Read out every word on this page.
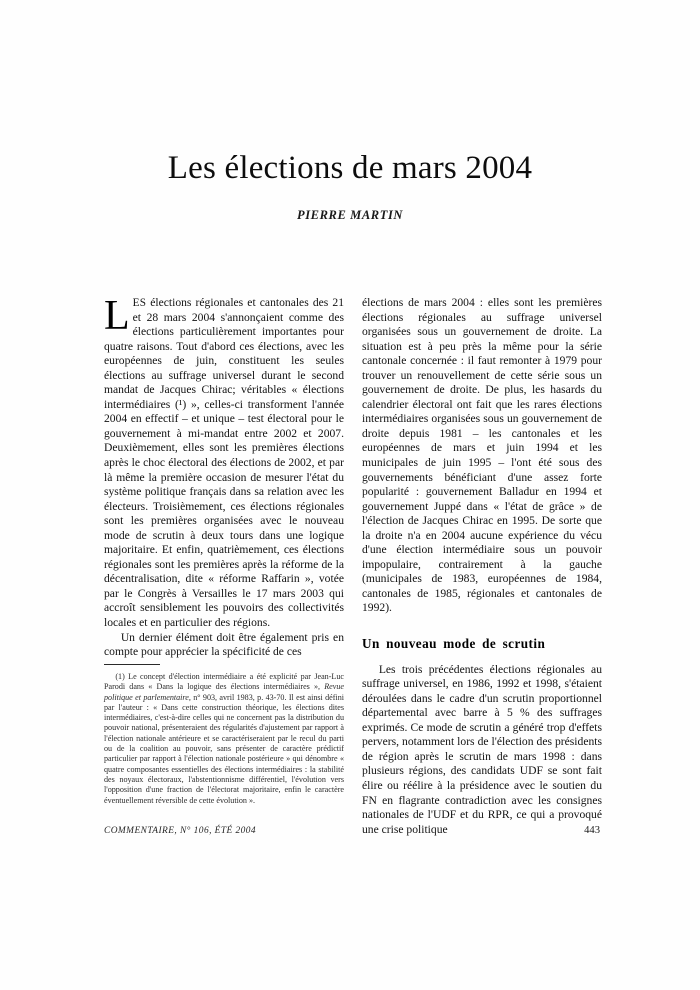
Les élections de mars 2004
PIERRE MARTIN

LES élections régionales et cantonales des 21 et 28 mars 2004 s'annonçaient comme des élections particulièrement importantes pour quatre raisons. Tout d'abord ces élections, avec les européennes de juin, constituent les seules élections au suffrage universel durant le second mandat de Jacques Chirac; véritables « élections intermédiaires (¹) », celles-ci transforment l'année 2004 en effectif – et unique – test électoral pour le gouvernement à mi-mandat entre 2002 et 2007. Deuxièmement, elles sont les premières élections après le choc électoral des élections de 2002, et par là même la première occasion de mesurer l'état du système politique français dans sa relation avec les électeurs. Troisièmement, ces élections régionales sont les premières organisées avec le nouveau mode de scrutin à deux tours dans une logique majoritaire. Et enfin, quatrièmement, ces élections régionales sont les premières après la réforme de la décentralisation, dite « réforme Raffarin », votée par le Congrès à Versailles le 17 mars 2003 qui accroît sensiblement les pouvoirs des collectivités locales et en particulier des régions.

Un dernier élément doit être également pris en compte pour apprécier la spécificité de ces

élections de mars 2004 : elles sont les premières élections régionales au suffrage universel organisées sous un gouvernement de droite. La situation est à peu près la même pour la série cantonale concernée : il faut remonter à 1979 pour trouver un renouvellement de cette série sous un gouvernement de droite. De plus, les hasards du calendrier électoral ont fait que les rares élections intermédiaires organisées sous un gouvernement de droite depuis 1981 – les cantonales et les européennes de mars et juin 1994 et les municipales de juin 1995 – l'ont été sous des gouvernements bénéficiant d'une assez forte popularité : gouvernement Balladur en 1994 et gouvernement Juppé dans « l'état de grâce » de l'élection de Jacques Chirac en 1995. De sorte que la droite n'a en 2004 aucune expérience du vécu d'une élection intermédiaire sous un pouvoir impopulaire, contrairement à la gauche (municipales de 1983, européennes de 1984, cantonales de 1985, régionales et cantonales de 1992).

Un nouveau mode de scrutin

Les trois précédentes élections régionales au suffrage universel, en 1986, 1992 et 1998, s'étaient déroulées dans le cadre d'un scrutin proportionnel départemental avec barre à 5 % des suffrages exprimés. Ce mode de scrutin a généré trop d'effets pervers, notamment lors de l'élection des présidents de région après le scrutin de mars 1998 : dans plusieurs régions, des candidats UDF se sont fait élire ou réélire à la présidence avec le soutien du FN en flagrante contradiction avec les consignes nationales de l'UDF et du RPR, ce qui a provoqué une crise politique

(1) Le concept d'élection intermédiaire a été explicité par Jean-Luc Parodi dans « Dans la logique des élections intermédiaires », Revue politique et parlementaire, n° 903, avril 1983, p. 43-70. Il est ainsi défini par l'auteur : « Dans cette construction théorique, les élections dites intermédiaires, c'est-à-dire celles qui ne concernent pas la distribution du pouvoir national, présenteraient des régularités d'ajustement par rapport à l'élection nationale antérieure et se caractériseraient par le recul du parti ou de la coalition au pouvoir, sans présenter de caractère prédictif particulier par rapport à l'élection nationale postérieure » qui dénombre « quatre composantes essentielles des élections intermédiaires : la stabilité des noyaux électoraux, l'abstentionnisme différentiel, l'évolution vers l'opposition d'une fraction de l'électorat majoritaire, enfin le caractère éventuellement réversible de cette évolution ».

COMMENTAIRE, N° 106, ÉTÉ 2004	443
